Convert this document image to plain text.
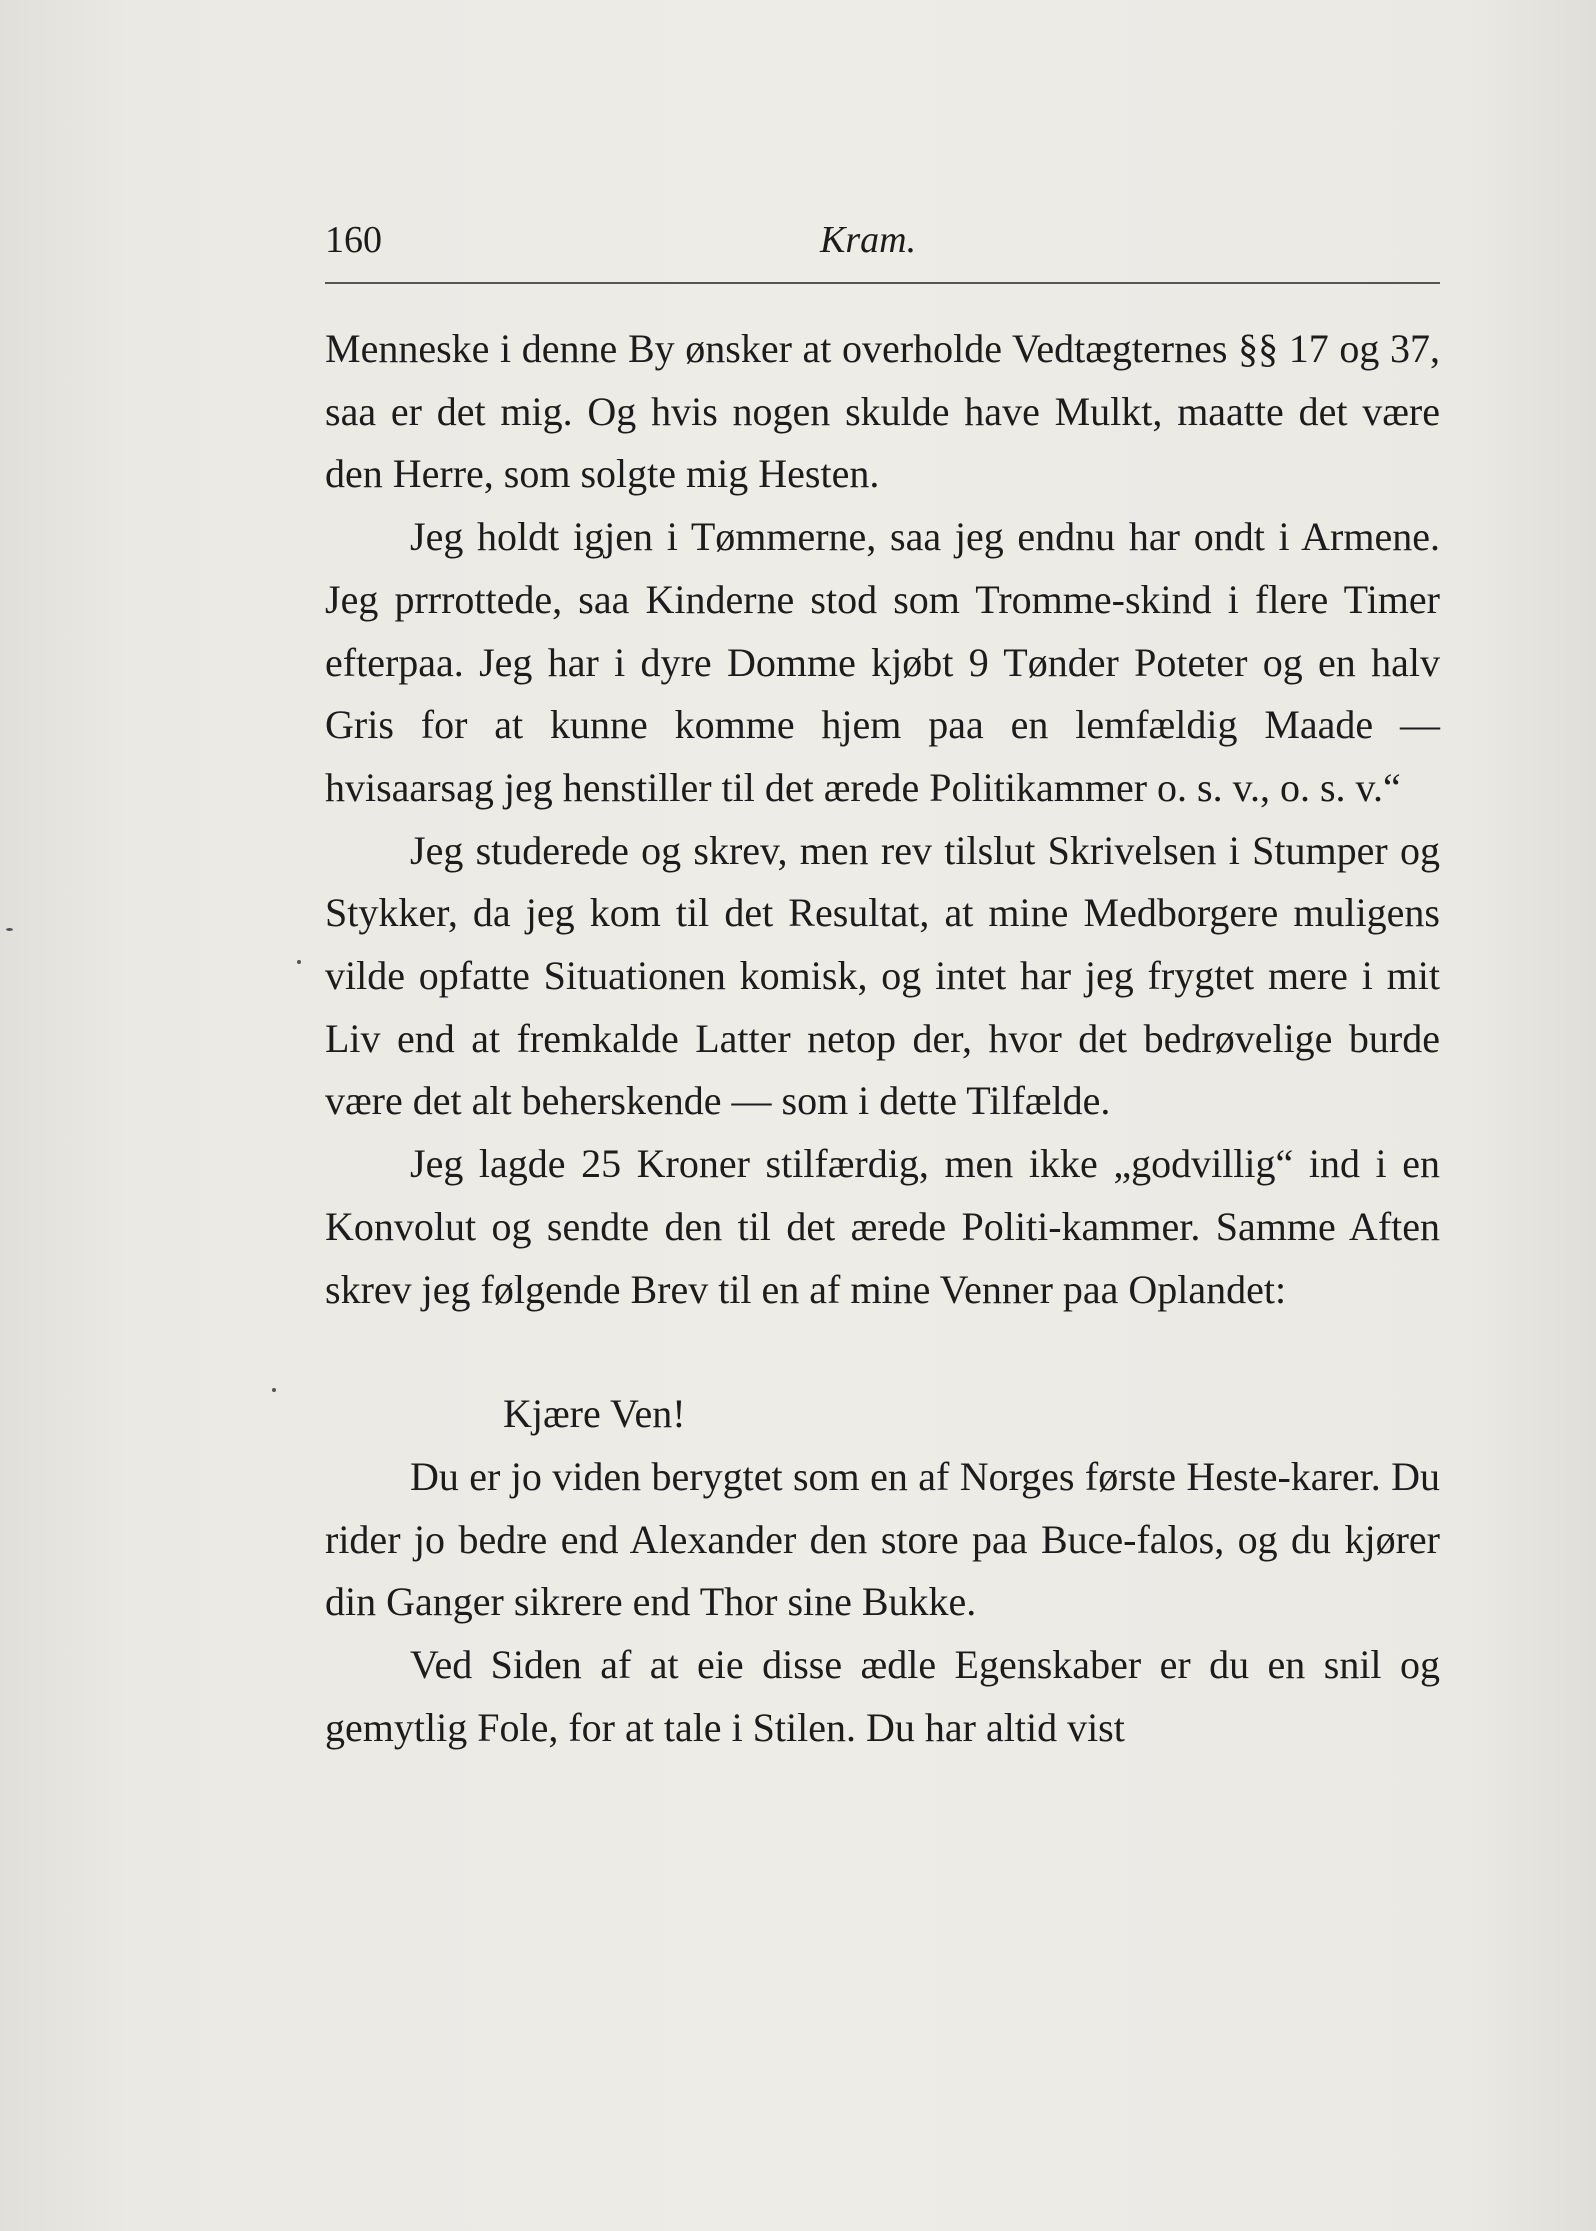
160	Kram.

Menneske i denne By ønsker at overholde Vedtægternes §§ 17 og 37, saa er det mig. Og hvis nogen skulde have Mulkt, maatte det være den Herre, som solgte mig Hesten.

Jeg holdt igjen i Tømmerne, saa jeg endnu har ondt i Armene. Jeg prrrottede, saa Kinderne stod som Tromme-skind i flere Timer efterpaa. Jeg har i dyre Domme kjøbt 9 Tønder Poteter og en halv Gris for at kunne komme hjem paa en lemfældig Maade — hvisaarsag jeg henstiller til det ærede Politikammer o. s. v., o. s. v.“

Jeg studerede og skrev, men rev tilslut Skrivelsen i Stumper og Stykker, da jeg kom til det Resultat, at mine Medborgere muligens vilde opfatte Situationen komisk, og intet har jeg frygtet mere i mit Liv end at fremkalde Latter netop der, hvor det bedrøvelige burde være det alt beherskende — som i dette Tilfælde.

Jeg lagde 25 Kroner stilfærdig, men ikke „godvillig“ ind i en Konvolut og sendte den til det ærede Politi-kammer. Samme Aften skrev jeg følgende Brev til en af mine Venner paa Oplandet:

Kjære Ven!

Du er jo viden berygtet som en af Norges første Heste-karer. Du rider jo bedre end Alexander den store paa Buce-falos, og du kjører din Ganger sikrere end Thor sine Bukke.

Ved Siden af at eie disse ædle Egenskaber er du en snil og gemytlig Fole, for at tale i Stilen. Du har altid vist
